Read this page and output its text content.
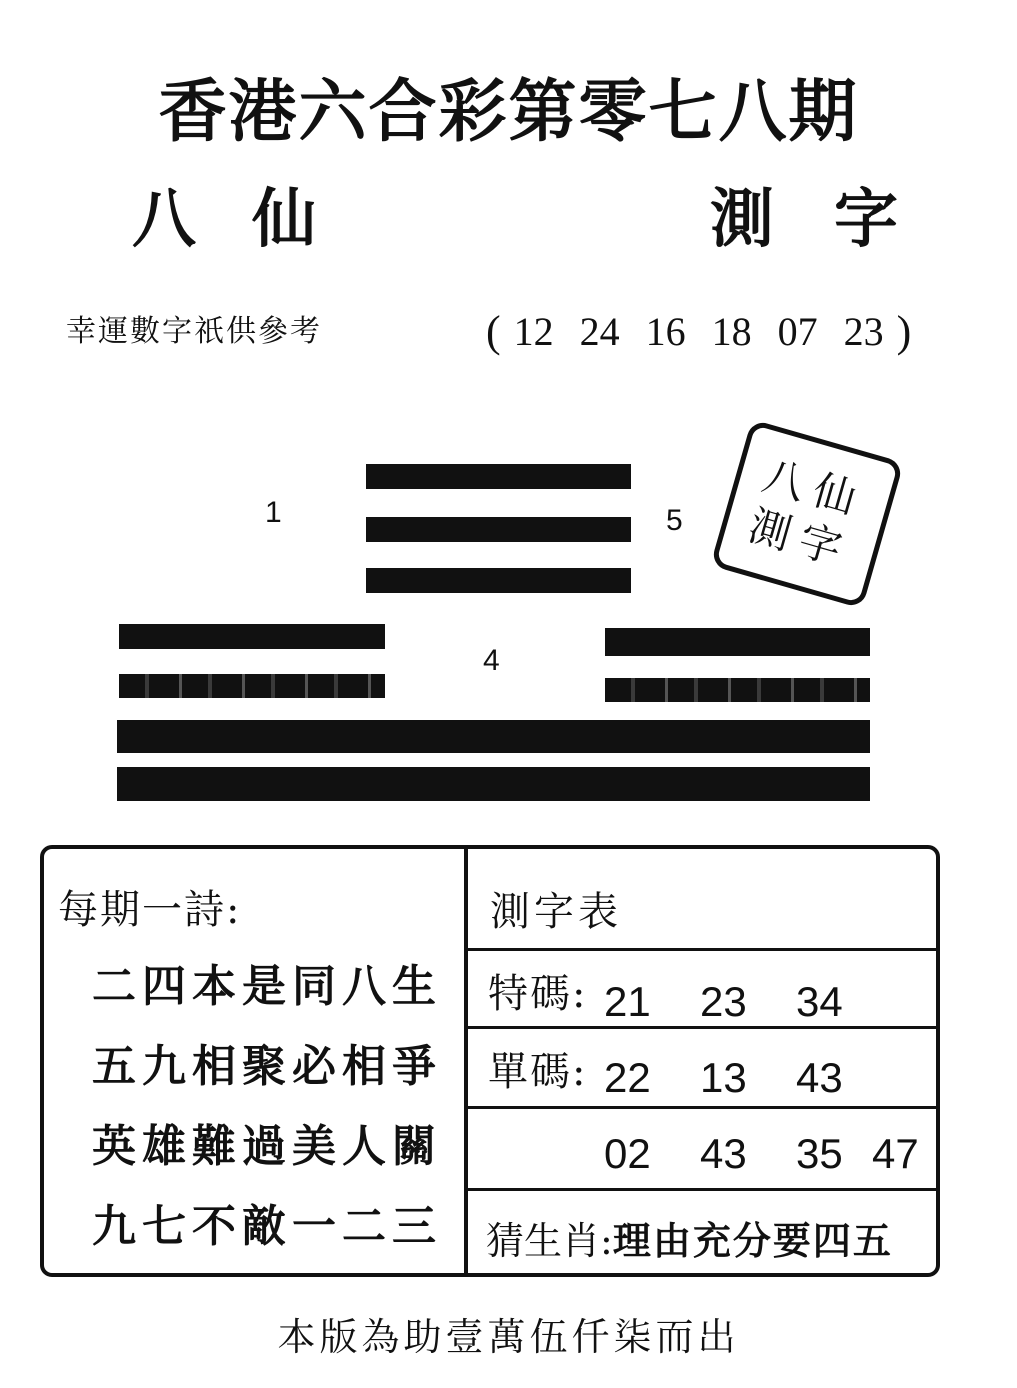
香港六合彩第零七八期
八仙	測字
幸運數字祇供參考	( 12 24 16 18 07 23 )
1	5
4
八仙
測字
每期一詩:
二四本是同八生
五九相聚必相爭
英雄難過美人關
九七不敵一二三
測字表
特碼: 21	23	34
單碼: 22	13	43
02	43	35 47
猜生肖: 理由充分要四五
本版為助壹萬伍仟柒而出
